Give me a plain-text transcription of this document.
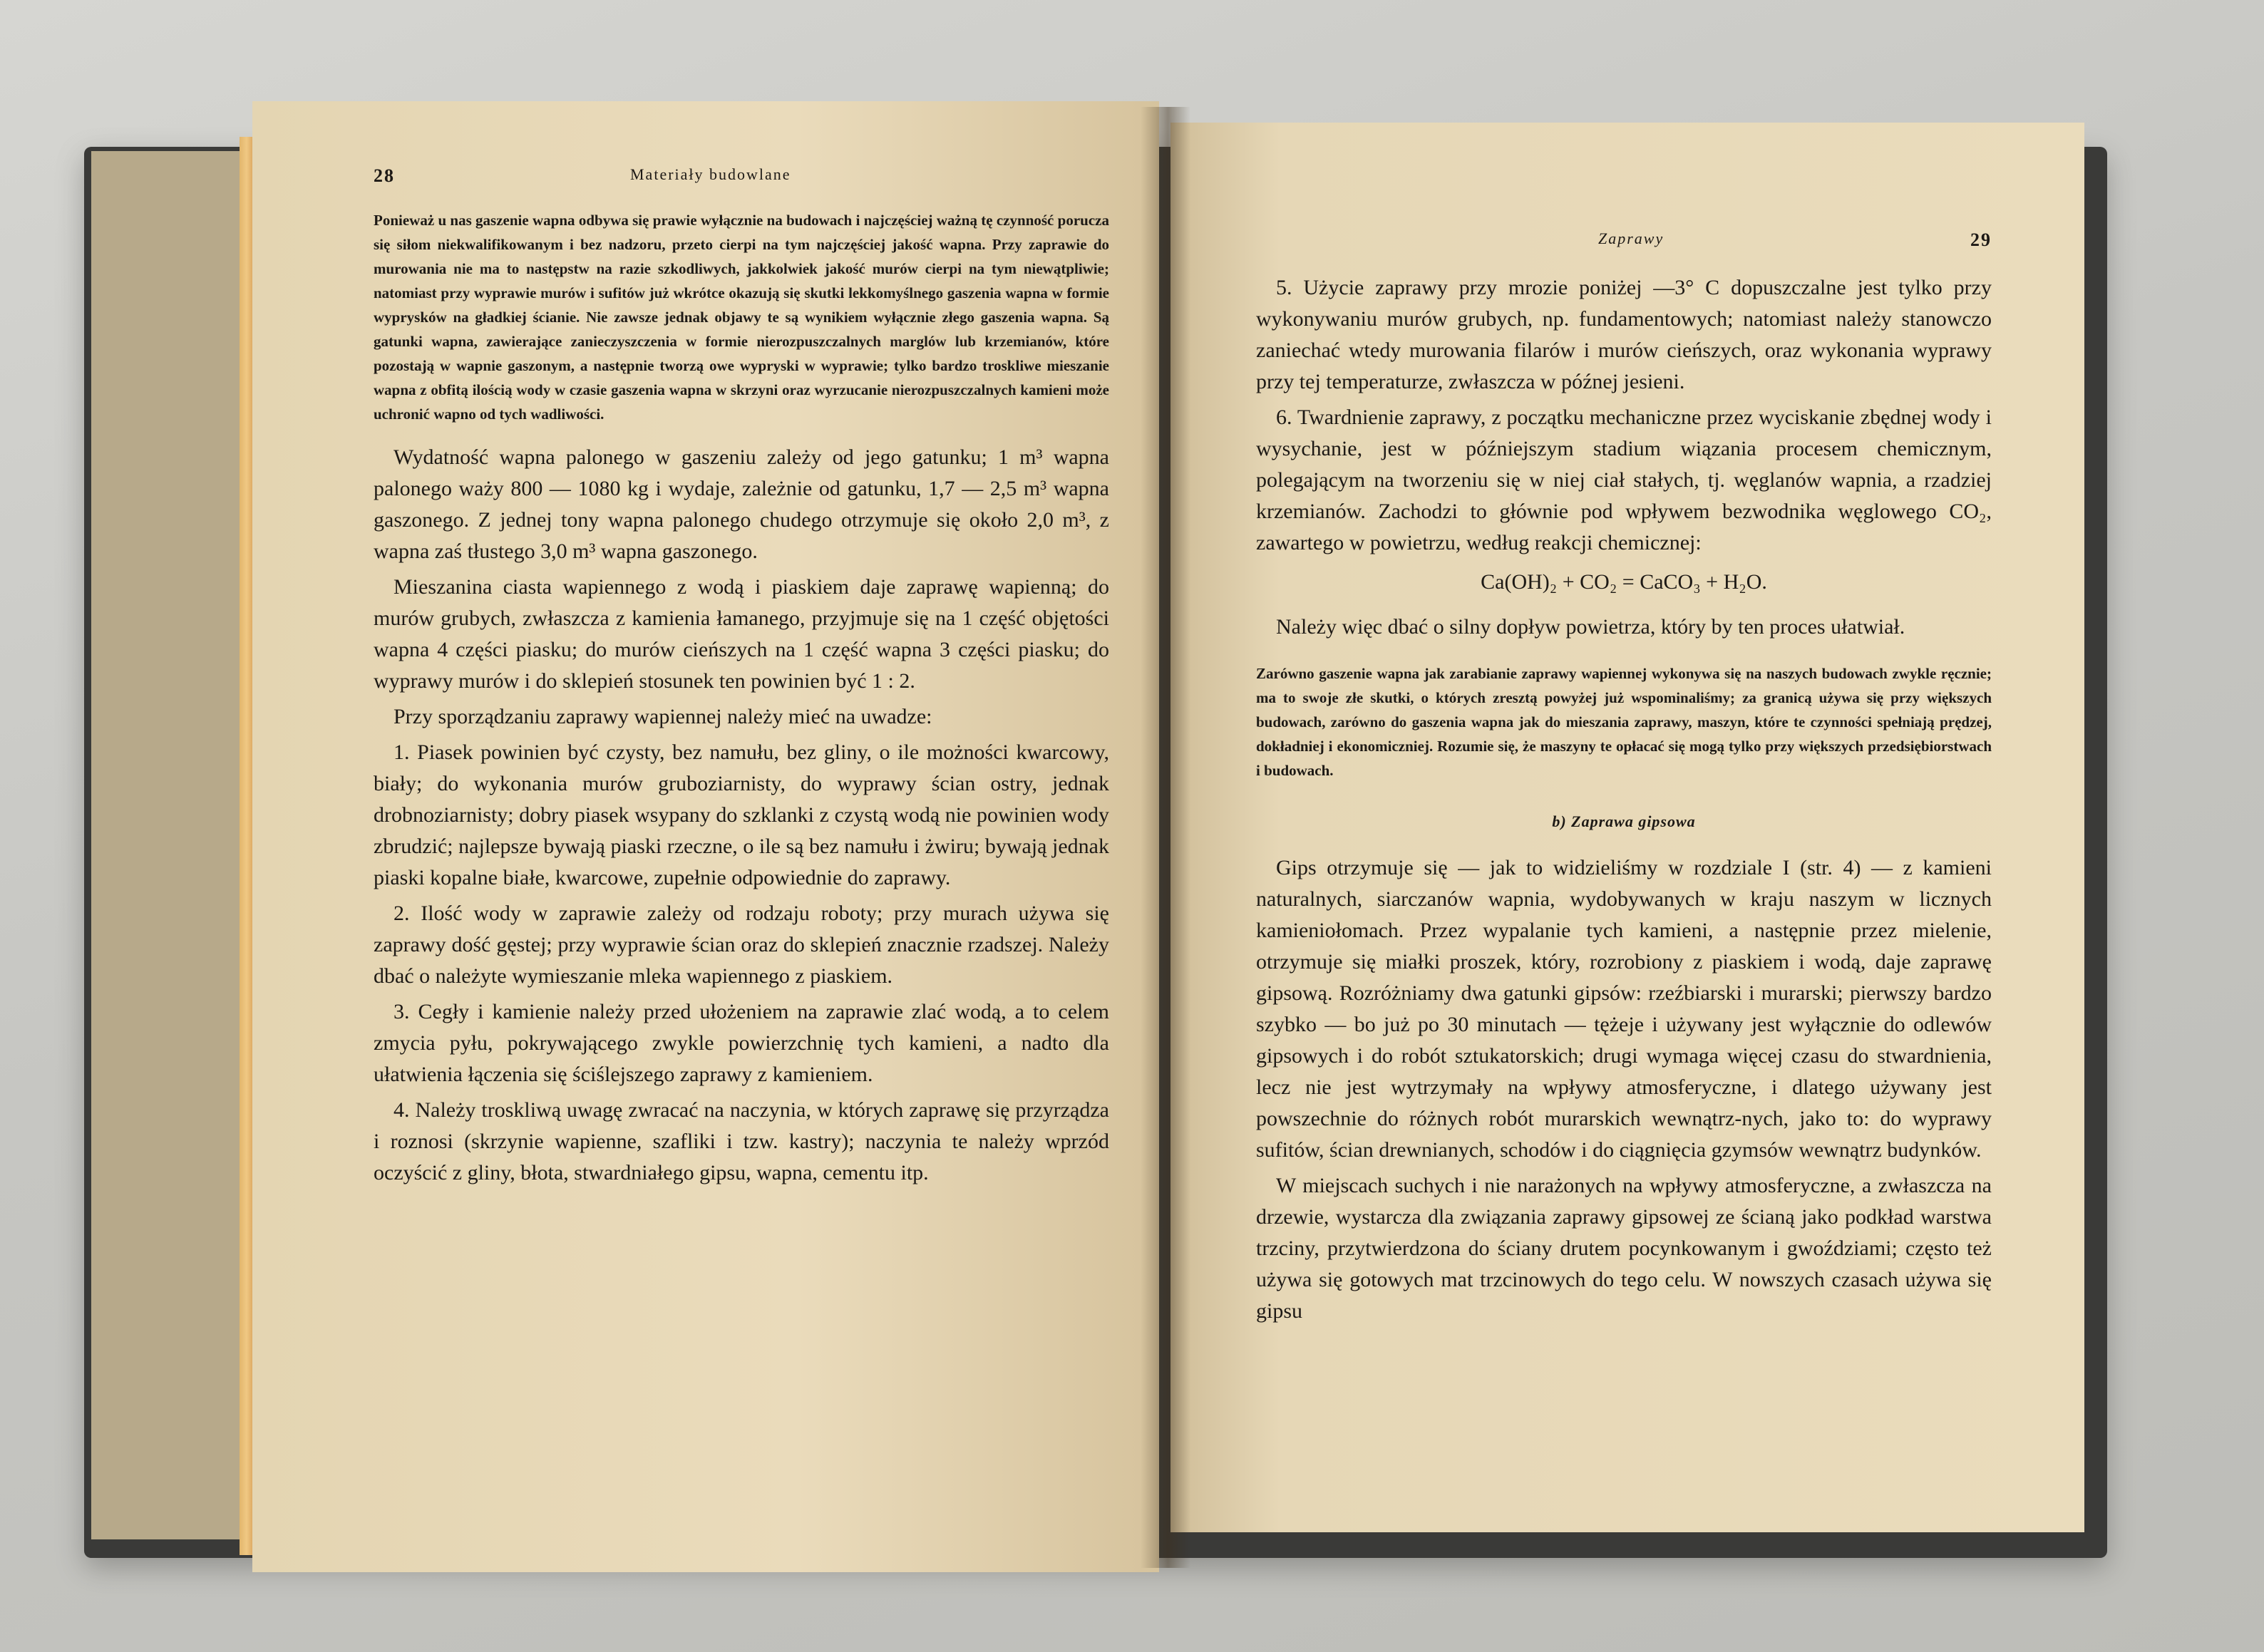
28	Materiały budowlane

Ponieważ u nas gaszenie wapna odbywa się prawie wyłącznie na budowach i najczęściej ważną tę czynność porucza się siłom niekwalifikowanym i bez nadzoru, przeto cierpi na tym najczęściej jakość wapna. Przy zaprawie do murowania nie ma to następstw na razie szkodliwych, jakkolwiek jakość murów cierpi na tym niewątpliwie; natomiast przy wyprawie murów i sufitów już wkrótce okazują się skutki lekkomyślnego gaszenia wapna w formie wyprysków na gładkiej ścianie. Nie zawsze jednak objawy te są wynikiem wyłącznie złego gaszenia wapna. Są gatunki wapna, zawierające zanieczyszczenia w formie nierozpuszczalnych marglów lub krzemianów, które pozostają w wapnie gaszonym, a następnie tworzą owe wypryski w wyprawie; tylko bardzo troskliwe mieszanie wapna z obfitą ilością wody w czasie gaszenia wapna w skrzyni oraz wyrzucanie nierozpuszczalnych kamieni może uchronić wapno od tych wadliwości.

Wydatność wapna palonego w gaszeniu zależy od jego gatunku; 1 m³ wapna palonego waży 800 — 1080 kg i wydaje, zależnie od gatunku, 1,7 — 2,5 m³ wapna gaszonego. Z jednej tony wapna palonego chudego otrzymuje się około 2,0 m³, z wapna zaś tłustego 3,0 m³ wapna gaszonego.

Mieszanina ciasta wapiennego z wodą i piaskiem daje zaprawę wapienną; do murów grubych, zwłaszcza z kamienia łamanego, przyjmuje się na 1 część objętości wapna 4 części piasku; do murów cieńszych na 1 część wapna 3 części piasku; do wyprawy murów i do sklepień stosunek ten powinien być 1 : 2.

Przy sporządzaniu zaprawy wapiennej należy mieć na uwadze:

1. Piasek powinien być czysty, bez namułu, bez gliny, o ile możności kwarcowy, biały; do wykonania murów gruboziarnisty, do wyprawy ścian ostry, jednak drobnoziarnisty; dobry piasek wsypany do szklanki z czystą wodą nie powinien wody zbrudzić; najlepsze bywają piaski rzeczne, o ile są bez namułu i żwiru; bywają jednak piaski kopalne białe, kwarcowe, zupełnie odpowiednie do zaprawy.

2. Ilość wody w zaprawie zależy od rodzaju roboty; przy murach używa się zaprawy dość gęstej; przy wyprawie ścian oraz do sklepień znacznie rzadszej. Należy dbać o należyte wymieszanie mleka wapiennego z piaskiem.

3. Cegły i kamienie należy przed ułożeniem na zaprawie zlać wodą, a to celem zmycia pyłu, pokrywającego zwykle powierzchnię tych kamieni, a nadto dla ułatwienia łączenia się ściślejszego zaprawy z kamieniem.

4. Należy troskliwą uwagę zwracać na naczynia, w których zaprawę się przyrządza i roznosi (skrzynie wapienne, szafliki i tzw. kastry); naczynia te należy wprzód oczyścić z gliny, błota, stwardniałego gipsu, wapna, cementu itp.

Zaprawy	29

5. Użycie zaprawy przy mrozie poniżej —3° C dopuszczalne jest tylko przy wykonywaniu murów grubych, np. fundamentowych; natomiast należy stanowczo zaniechać wtedy murowania filarów i murów cieńszych, oraz wykonania wyprawy przy tej temperaturze, zwłaszcza w późnej jesieni.

6. Twardnienie zaprawy, z początku mechaniczne przez wyciskanie zbędnej wody i wysychanie, jest w późniejszym stadium wiązania procesem chemicznym, polegającym na tworzeniu się w niej ciał stałych, tj. węglanów wapnia, a rzadziej krzemianów. Zachodzi to głównie pod wpływem bezwodnika węglowego CO₂, zawartego w powietrzu, według reakcji chemicznej:

Ca(OH)₂ + CO₂ = CaCO₃ + H₂O.

Należy więc dbać o silny dopływ powietrza, który by ten proces ułatwiał.

Zarówno gaszenie wapna jak zarabianie zaprawy wapiennej wykonywa się na naszych budowach zwykle ręcznie; ma to swoje złe skutki, o których zresztą powyżej już wspominaliśmy; za granicą używa się przy większych budowach, zarówno do gaszenia wapna jak do mieszania zaprawy, maszyn, które te czynności spełniają prędzej, dokładniej i ekonomiczniej. Rozumie się, że maszyny te opłacać się mogą tylko przy większych przedsiębiorstwach i budowach.

b) Zaprawa gipsowa

Gips otrzymuje się — jak to widzieliśmy w rozdziale I (str. 4) — z kamieni naturalnych, siarczanów wapnia, wydobywanych w kraju naszym w licznych kamieniołomach. Przez wypalanie tych kamieni, a następnie przez mielenie, otrzymuje się miałki proszek, który, rozrobiony z piaskiem i wodą, daje zaprawę gipsową. Rozróżniamy dwa gatunki gipsów: rzeźbiarski i murarski; pierwszy bardzo szybko — bo już po 30 minutach — tężeje i używany jest wyłącznie do odlewów gipsowych i do robót sztukatorskich; drugi wymaga więcej czasu do stwardnienia, lecz nie jest wytrzymały na wpływy atmosferyczne, i dlatego używany jest powszechnie do różnych robót murarskich wewnątrz-nych, jako to: do wyprawy sufitów, ścian drewnianych, schodów i do ciągnięcia gzymsów wewnątrz budynków.

W miejscach suchych i nie narażonych na wpływy atmosferyczne, a zwłaszcza na drzewie, wystarcza dla związania zaprawy gipsowej ze ścianą jako podkład warstwa trzciny, przytwierdzona do ściany drutem pocynkowanym i gwoździami; często też używa się gotowych mat trzcinowych do tego celu. W nowszych czasach używa się gipsu
